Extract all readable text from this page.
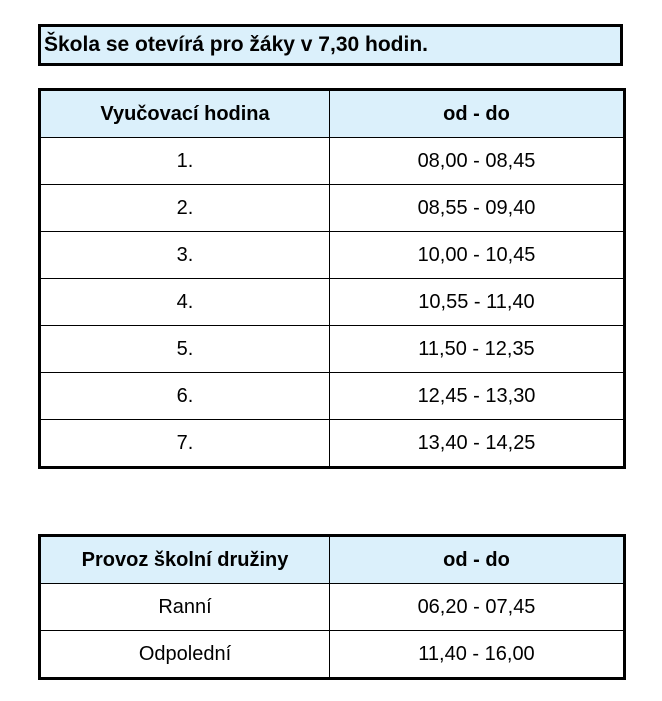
Škola se otevírá pro žáky v 7,30 hodin.
Vyučovací hodina	od - do
1.	08,00 - 08,45
2.	08,55 - 09,40
3.	10,00 - 10,45
4.	10,55 - 11,40
5.	11,50 - 12,35
6.	12,45 - 13,30
7.	13,40 - 14,25
Provoz školní družiny	od - do
Ranní	06,20 - 07,45
Odpolední	11,40 - 16,00
